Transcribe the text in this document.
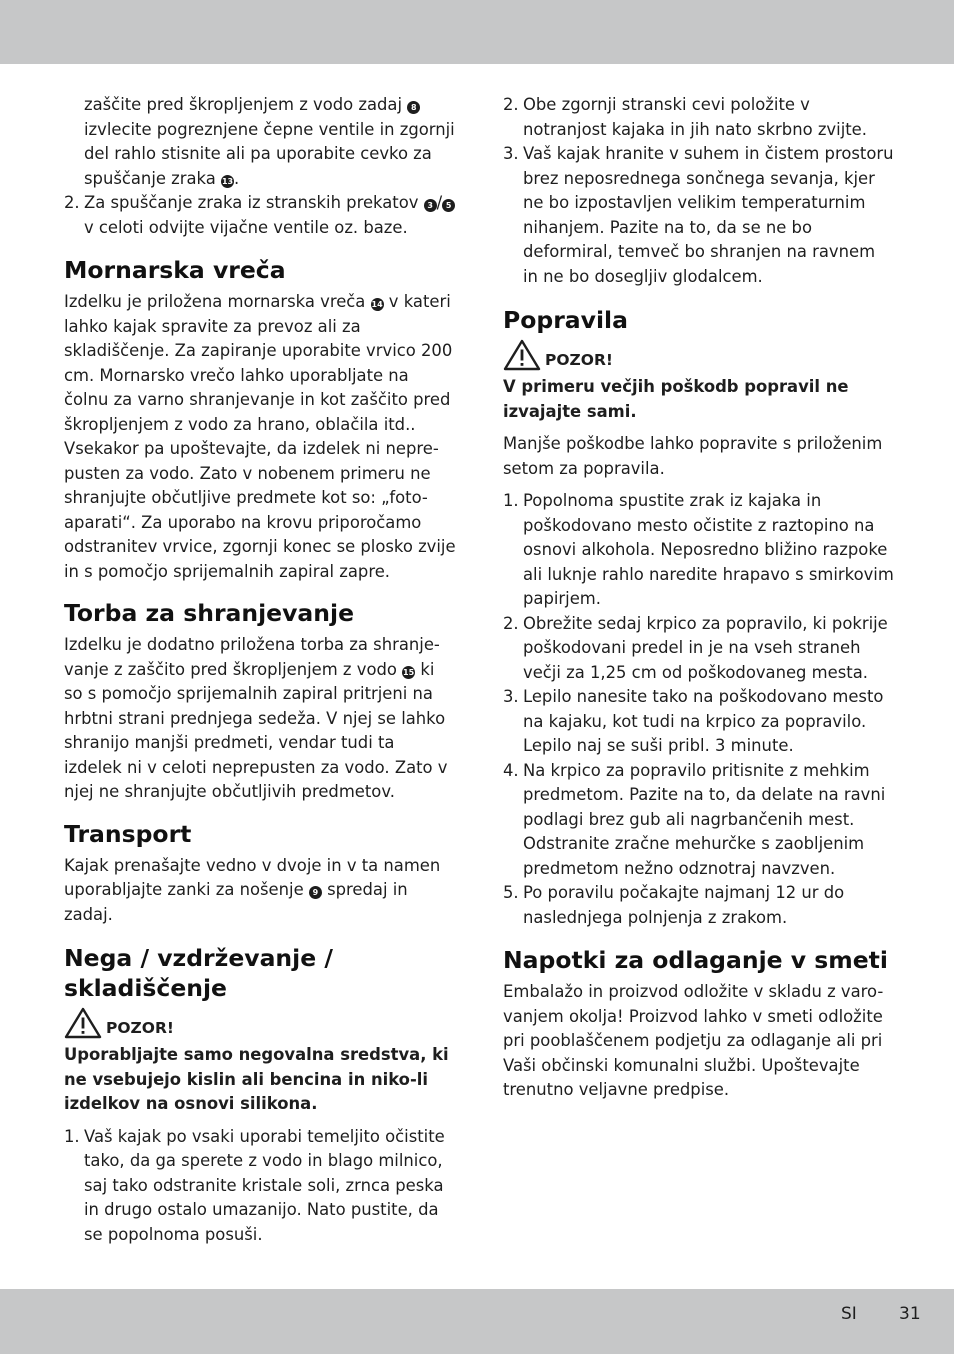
zaščite pred škropljenjem z vodo zadaj 8 izvlecite pogreznjene čepne ventile in zgornji del rahlo stisnite ali pa uporabite cevko za spuščanje zraka 13.
2. Za spuščanje zraka iz stranskih prekatov 3 / 5 v celoti odvijte vijačne ventile oz. baze.
Mornarska vreča

Izdelku je priložena mornarska vreča 14 v kateri lahko kajak spravite za prevoz ali za skladiščenje. Za zapiranje uporabite vrvico 200 cm. Mornarsko vrečo lahko uporabljate na čolnu za varno shranjevanje in kot zaščito pred škropljenjem z vodo za hrano, oblačila itd.. Vsekakor pa upoštevajte, da izdelek ni nepre-pusten za vodo. Zato v nobenem primeru ne shranjujte občutljive predmete kot so: „foto-aparati“. Za uporabo na krovu priporočamo odstranitev vrvice, zgornji konec se plosko zvije in s pomočjo sprijemalnih zapiral zapre.

Torba za shranjevanje

Izdelku je dodatno priložena torba za shranje-vanje z zaščito pred škropljenjem z vodo 15 ki so s pomočjo sprijemalnih zapiral pritrjeni na hrbtni strani prednjega sedeža. V njej se lahko shranijo manjši predmeti, vendar tudi ta izdelek ni v celoti neprepusten za vodo. Zato v njej ne shranjujte občutljivih predmetov.

Transport

Kajak prenašajte vedno v dvoje in v ta namen uporabljajte zanki za nošenje 9 spredaj in zadaj.

Nega / vzdrževanje /
skladiščenje
POZOR!

Uporabljajte samo negovalna sredstva, ki ne vsebujejo kislin ali bencina in niko-li izdelkov na osnovi silikona.

1. Vaš kajak po vsaki uporabi temeljito očistite tako, da ga sperete z vodo in blago milnico, saj tako odstranite kristale soli, zrnca peska in drugo ostalo umazanijo. Nato pustite, da se popolnoma posuši.
2. Obe zgornji stranski cevi položite v notranjost kajaka in jih nato skrbno zvijte.
3. Vaš kajak hranite v suhem in čistem prostoru brez neposrednega sončnega sevanja, kjer ne bo izpostavljen velikim temperaturnim nihanjem. Pazite na to, da se ne bo deformiral, temveč bo shranjen na ravnem in ne bo dosegljiv glodalcem.
Popravila
POZOR!

V primeru večjih poškodb popravil ne izvajajte sami.

Manjše poškodbe lahko popravite s priloženim setom za popravila.

1. Popolnoma spustite zrak iz kajaka in poškodovano mesto očistite z raztopino na osnovi alkohola. Neposredno bližino razpoke ali luknje rahlo naredite hrapavo s smirkovim papirjem.
2. Obrežite sedaj krpico za popravilo, ki pokrije poškodovani predel in je na vseh straneh večji za 1,25 cm od poškodovaneg mesta.
3. Lepilo nanesite tako na poškodovano mesto na kajaku, kot tudi na krpico za popravilo. Lepilo naj se suši pribl. 3 minute.
4. Na krpico za popravilo pritisnite z mehkim predmetom. Pazite na to, da delate na ravni podlagi brez gub ali nagrbančenih mest. Odstranite zračne mehurčke s zaobljenim predmetom nežno odznotraj navzven.
5. Po poravilu počakajte najmanj 12 ur do naslednjega polnjenja z zrakom.
Napotki za odlaganje v smeti

Embalažo in proizvod odložite v skladu z varo-vanjem okolja! Proizvod lahko v smeti odložite pri pooblaščenem podjetju za odlaganje ali pri Vaši občinski komunalni službi. Upoštevajte trenutno veljavne predpise.

SI 31
